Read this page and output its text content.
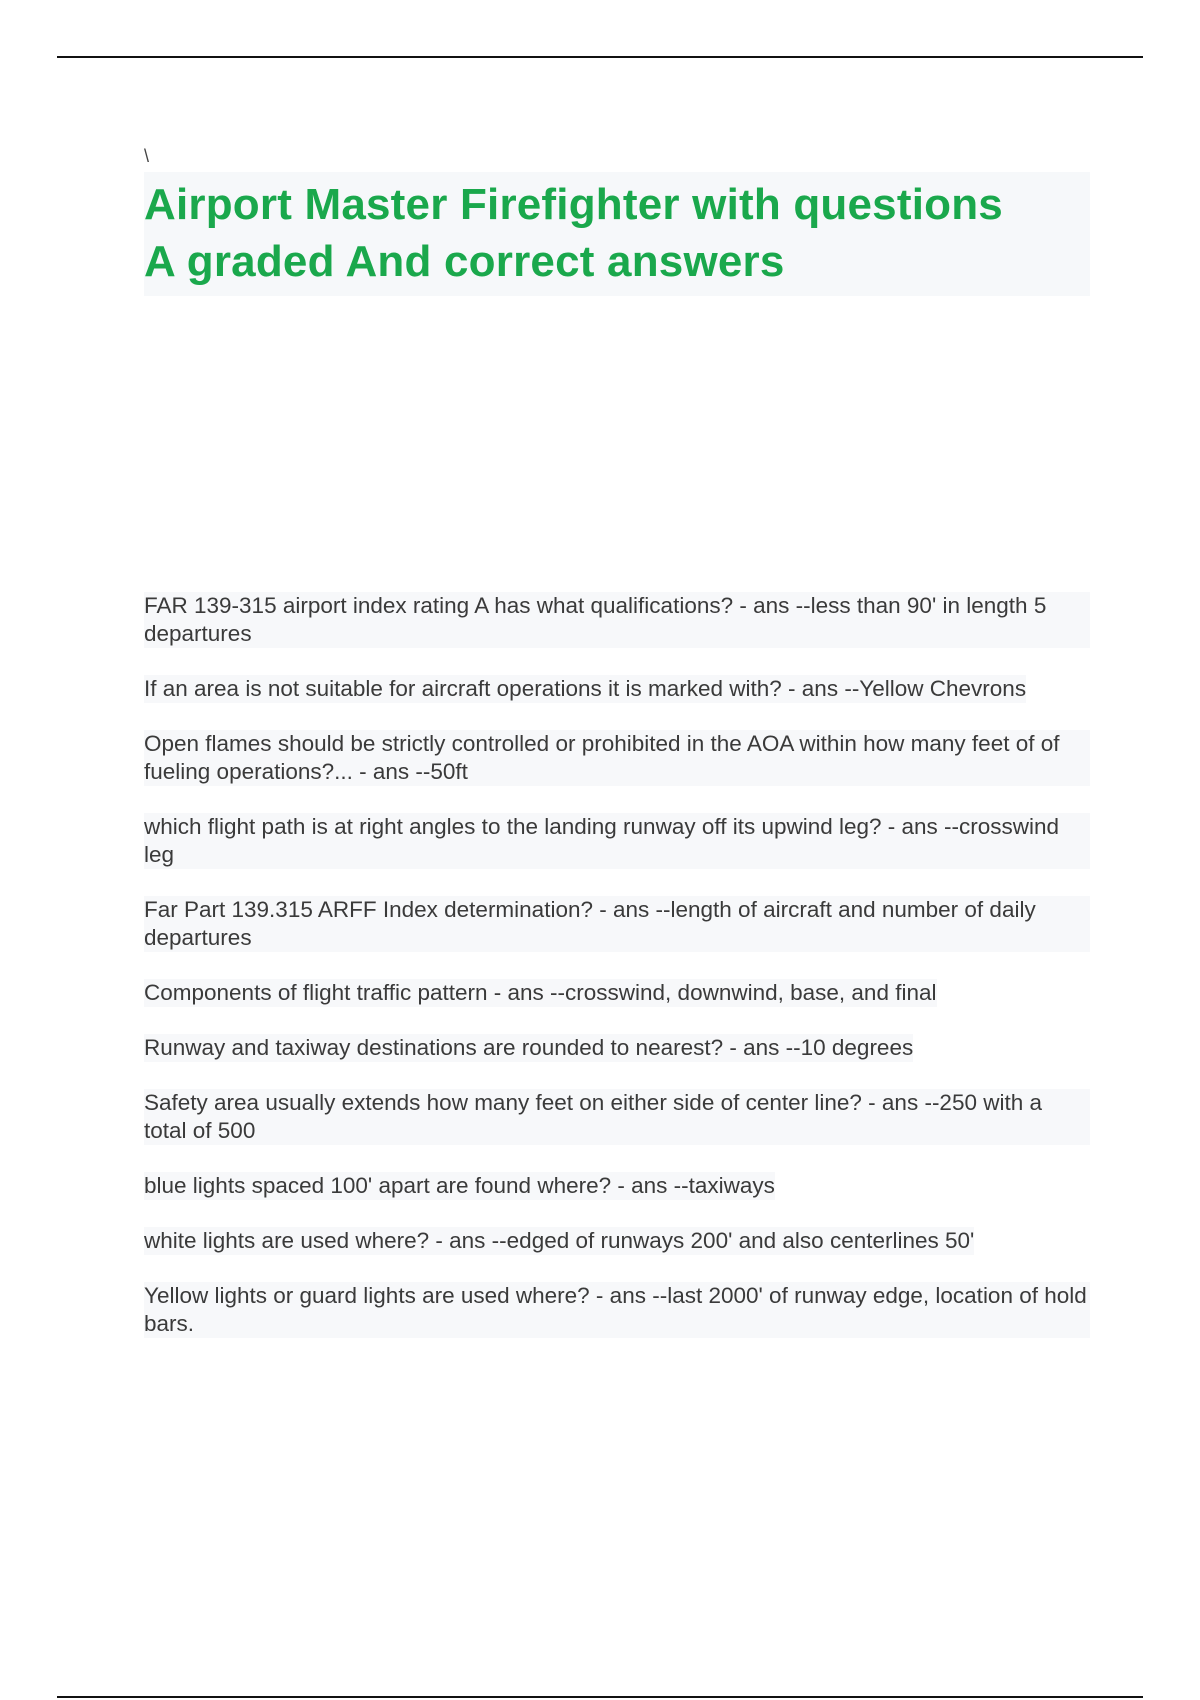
\
Airport Master Firefighter with questions
A graded And correct answers
FAR 139-315 airport index rating A has what qualifications? - ans --less than 90' in length 5 departures
If an area is not suitable for aircraft operations it is marked with? - ans --Yellow Chevrons
Open flames should be strictly controlled or prohibited in the AOA within how many feet of of fueling operations?... - ans --50ft
which flight path is at right angles to the landing runway off its upwind leg? - ans --crosswind leg
Far Part 139.315 ARFF Index determination? - ans --length of aircraft and number of daily departures
Components of flight traffic pattern - ans --crosswind, downwind, base, and final
Runway and taxiway destinations are rounded to nearest? - ans --10 degrees
Safety area usually extends how many feet on either side of center line? - ans --250 with a total of 500
blue lights spaced 100' apart are found where? - ans --taxiways
white lights are used where? - ans --edged of runways 200' and also centerlines 50'
Yellow lights or guard lights are used where? - ans --last 2000' of runway edge, location of hold bars.
